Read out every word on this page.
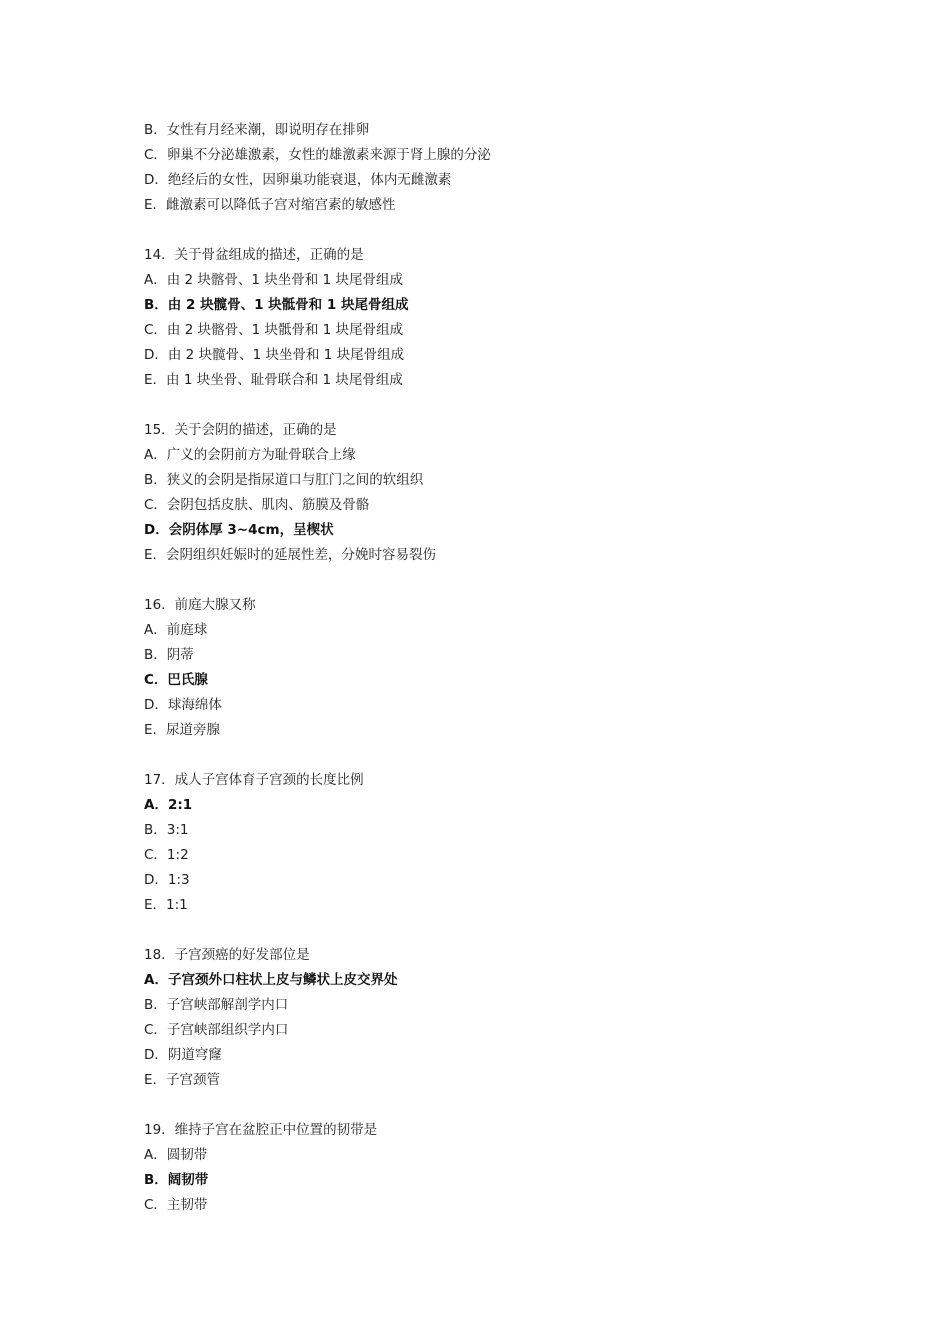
B．女性有月经来潮，即说明存在排卵
C．卵巢不分泌雄激素，女性的雄激素来源于肾上腺的分泌
D．绝经后的女性，因卵巢功能衰退，体内无雌激素
E．雌激素可以降低子宫对缩宫素的敏感性
14．关于骨盆组成的描述，正确的是
A．由 2 块髂骨、1 块坐骨和 1 块尾骨组成
B．由 2 块髋骨、1 块骶骨和 1 块尾骨组成
C．由 2 块髂骨、1 块骶骨和 1 块尾骨组成
D．由 2 块髋骨、1 块坐骨和 1 块尾骨组成
E．由 1 块坐骨、耻骨联合和 1 块尾骨组成
15．关于会阴的描述，正确的是
A．广义的会阴前方为耻骨联合上缘
B．狭义的会阴是指尿道口与肛门之间的软组织
C．会阴包括皮肤、肌肉、筋膜及骨骼
D．会阴体厚 3~4cm，呈楔状
E．会阴组织妊娠时的延展性差，分娩时容易裂伤
16．前庭大腺又称
A．前庭球
B．阴蒂
C．巴氏腺
D．球海绵体
E．尿道旁腺
17．成人子宫体育子宫颈的长度比例
A．2:1
B．3:1
C．1:2
D．1:3
E．1:1
18．子宫颈癌的好发部位是
A．子宫颈外口柱状上皮与鳞状上皮交界处
B．子宫峡部解剖学内口
C．子宫峡部组织学内口
D．阴道穹窿
E．子宫颈管
19．维持子宫在盆腔正中位置的韧带是
A．圆韧带
B．阔韧带
C．主韧带
